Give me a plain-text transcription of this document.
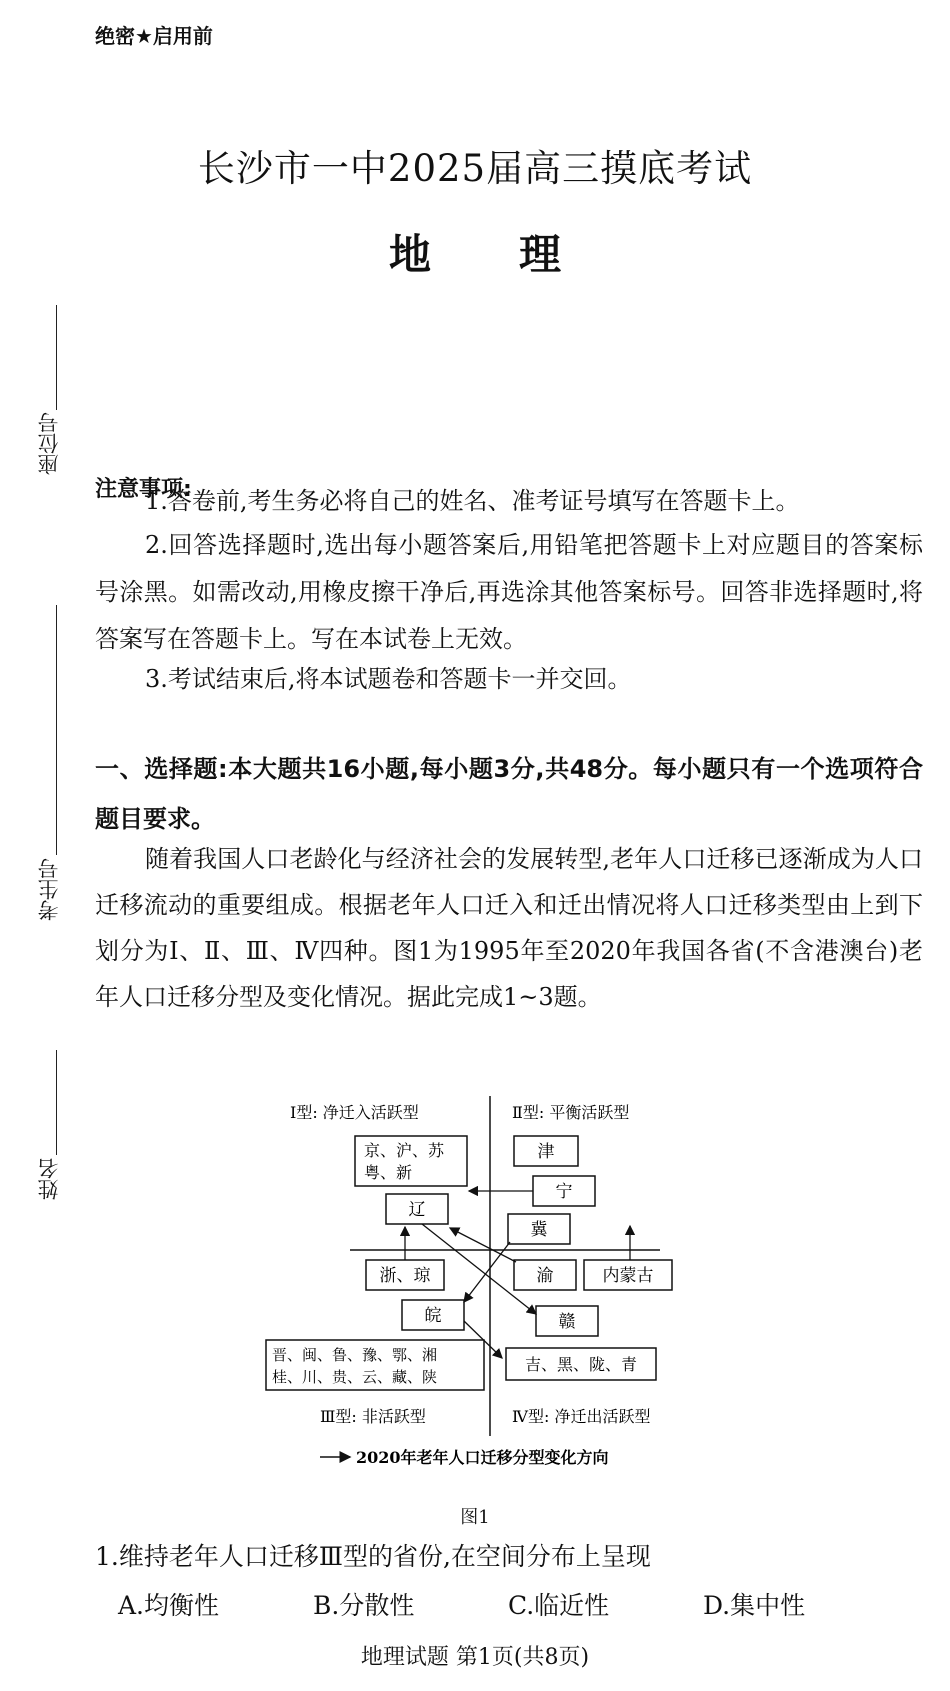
绝密★启用前
长沙市一中2025届高三摸底考试
地 理
座位号
考生号
姓名
注意事项:
1.答卷前,考生务必将自己的姓名、准考证号填写在答题卡上。
2.回答选择题时,选出每小题答案后,用铅笔把答题卡上对应题目的答案标号涂黑。如需改动,用橡皮擦干净后,再选涂其他答案标号。回答非选择题时,将答案写在答题卡上。写在本试卷上无效。
3.考试结束后,将本试题卷和答题卡一并交回。
一、选择题:本大题共16小题,每小题3分,共48分。每小题只有一个选项符合题目要求。
随着我国人口老龄化与经济社会的发展转型,老年人口迁移已逐渐成为人口迁移流动的重要组成。根据老年人口迁入和迁出情况将人口迁移类型由上到下划分为Ⅰ、Ⅱ、Ⅲ、Ⅳ四种。图1为1995年至2020年我国各省(不含港澳台)老年人口迁移分型及变化情况。据此完成1~3题。
Ⅰ型: 净迁入活跃型	Ⅱ型: 平衡活跃型
Ⅲ型: 非活跃型	Ⅳ型: 净迁出活跃型
京、沪、苏
粤、新
津
宁
辽
冀
浙、琼	渝	内蒙古
皖	赣
晋、闽、鲁、豫、鄂、湘
桂、川、贵、云、藏、陕
吉、黑、陇、青
2020年老年人口迁移分型变化方向
图1
1.维持老年人口迁移Ⅲ型的省份,在空间分布上呈现
A.均衡性	B.分散性	C.临近性	D.集中性
地理试题 第1页(共8页)
